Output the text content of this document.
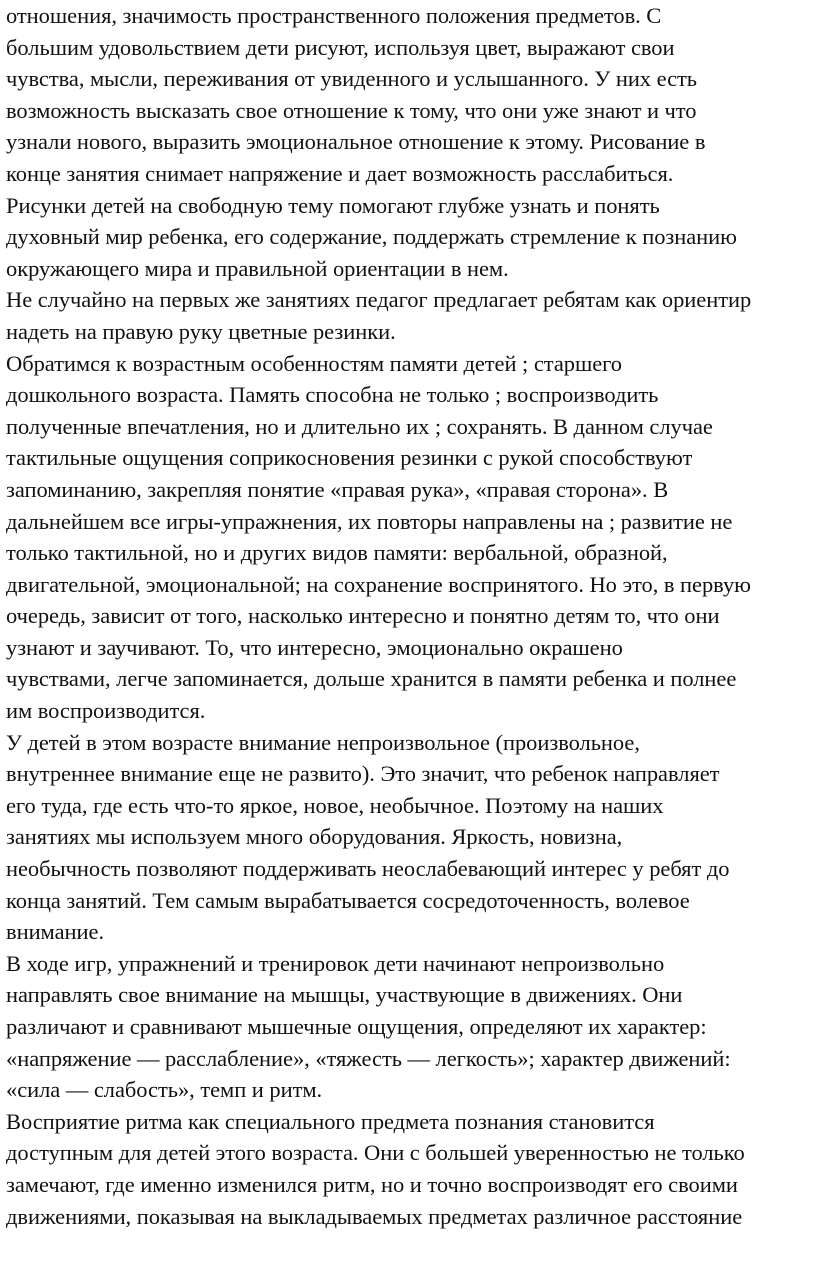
отношения, значимость пространственного положения предметов. С
большим удовольствием дети рисуют, используя цвет, выражают свои
чувства, мысли, переживания от увиденного и услышанного. У них есть
возможность высказать свое отношение к тому, что они уже знают и что
узнали нового, выразить эмоциональное отношение к этому. Рисование в
конце занятия снимает напряжение и дает возможность расслабиться.
Рисунки детей на свободную тему помогают глубже узнать и понять
духовный мир ребенка, его содержание, поддержать стремление к познанию
окружающего мира и правильной ориентации в нем.
Не случайно на первых же занятиях педагог предлагает ребятам как ориентир
надеть на правую руку цветные резинки.
Обратимся к возрастным особенностям памяти детей ; старшего
дошкольного возраста. Память способна не только ; воспроизводить
полученные впечатления, но и длительно их ; сохранять. В данном случае
тактильные ощущения соприкосновения резинки с рукой способствуют
запоминанию, закрепляя понятие «правая рука», «правая сторона». В
дальнейшем все игры-упражнения, их повторы направлены на ; развитие не
только тактильной, но и других видов памяти: вербальной, образной,
двигательной, эмоциональной; на сохранение воспринятого. Но это, в первую
очередь, зависит от того, насколько интересно и понятно детям то, что они
узнают и заучивают. То, что интересно, эмоционально окрашено
чувствами, легче запоминается, дольше хранится в памяти ребенка и полнее
им воспроизводится.
У детей в этом возрасте внимание непроизвольное (произвольное,
внутреннее внимание еще не развито). Это значит, что ребенок направляет
его туда, где есть что-то яркое, новое, необычное. Поэтому на наших
занятиях мы используем много оборудования. Яркость, новизна,
необычность позволяют поддерживать неослабевающий интерес у ребят до
конца занятий. Тем самым вырабатывается сосредоточенность, волевое
внимание.
В ходе игр, упражнений и тренировок дети начинают непроизвольно
направлять свое внимание на мышцы, участвующие в движениях. Они
различают и сравнивают мышечные ощущения, определяют их характер:
«напряжение — расслабление», «тяжесть — легкость»; характер движений:
«сила — слабость», темп и ритм.
Восприятие ритма как специального предмета познания становится
доступным для детей этого возраста. Они с большей уверенностью не только
замечают, где именно изменился ритм, но и точно воспроизводят его своими
движениями, показывая на выкладываемых предметах различное расстояние
